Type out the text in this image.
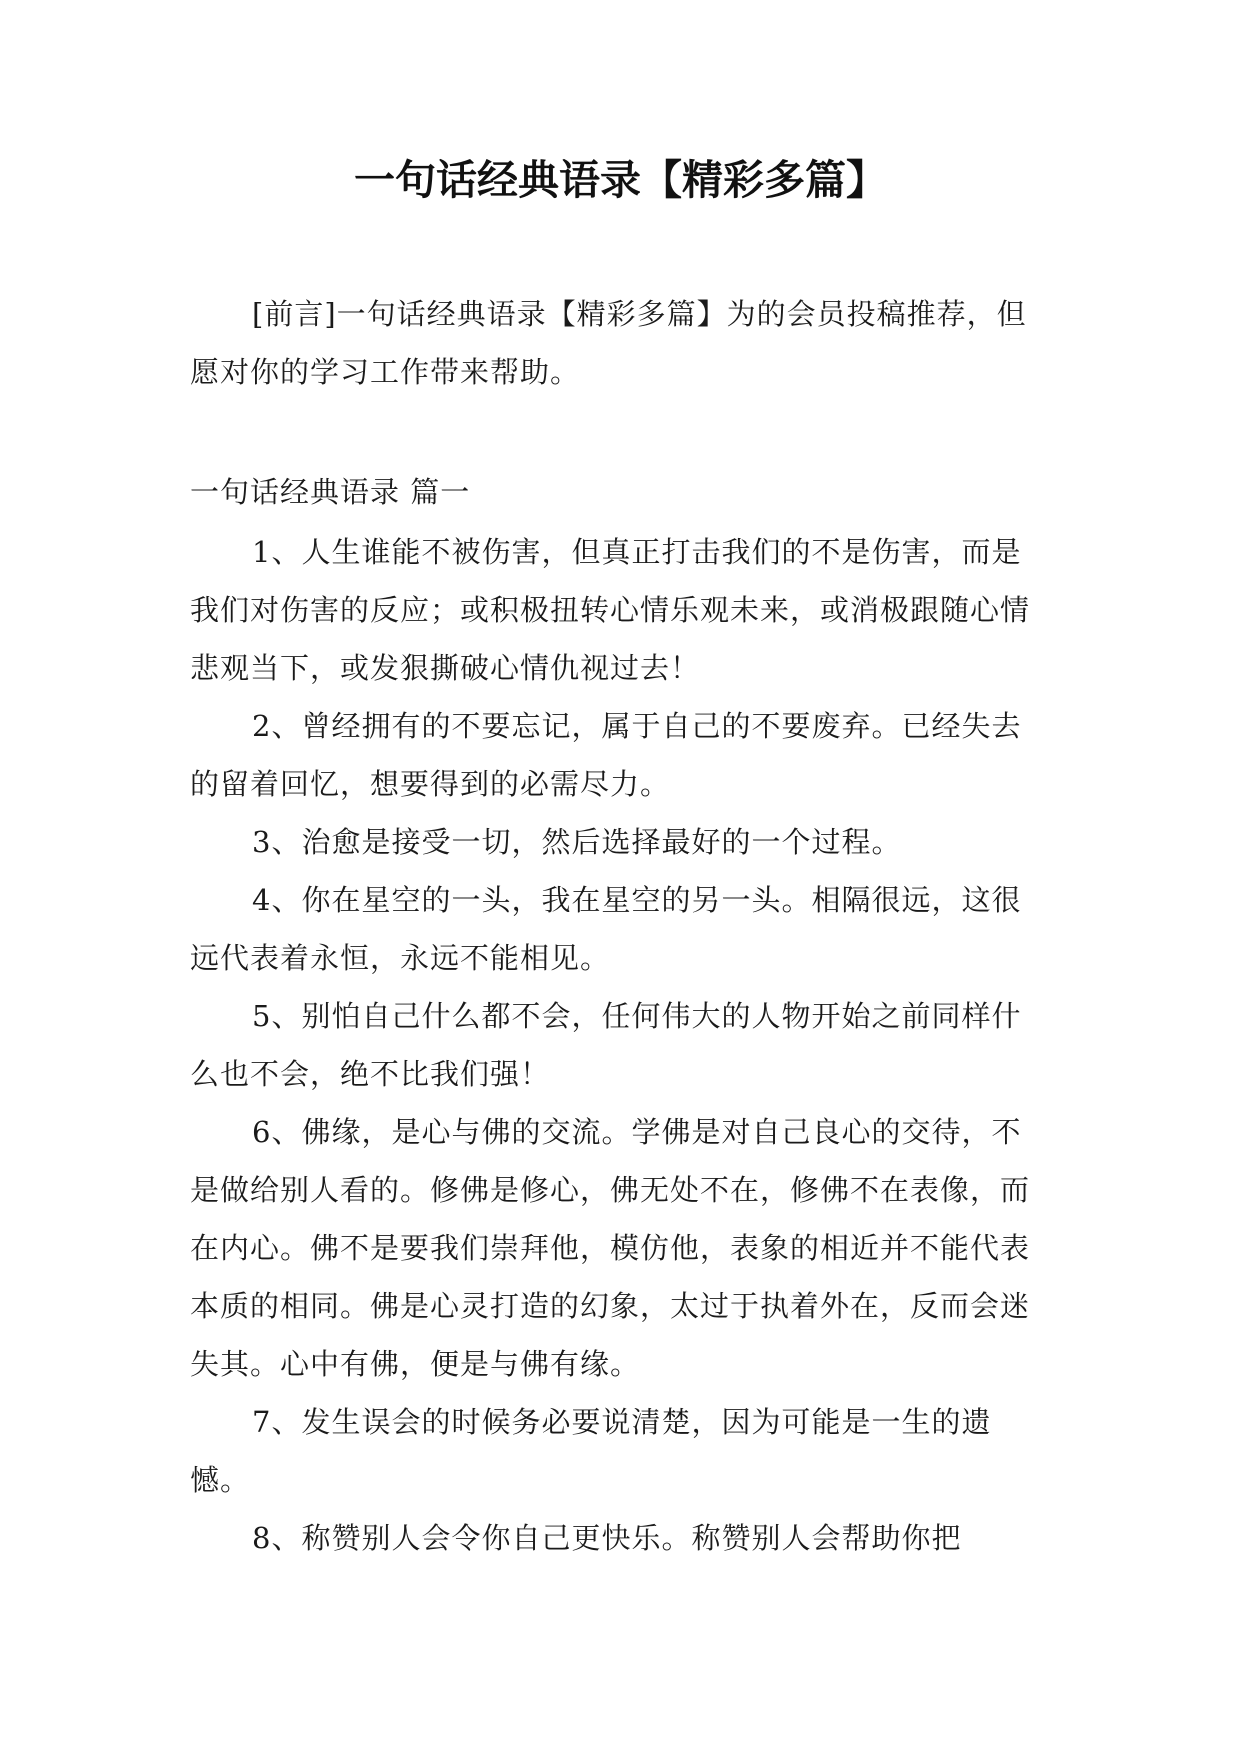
一句话经典语录【精彩多篇】

[前言]一句话经典语录【精彩多篇】为的会员投稿推荐，但愿对你的学习工作带来帮助。

一句话经典语录 篇一

1、人生谁能不被伤害，但真正打击我们的不是伤害，而是我们对伤害的反应；或积极扭转心情乐观未来，或消极跟随心情悲观当下，或发狠撕破心情仇视过去！

2、曾经拥有的不要忘记，属于自己的不要废弃。已经失去的留着回忆，想要得到的必需尽力。

3、治愈是接受一切，然后选择最好的一个过程。

4、你在星空的一头，我在星空的另一头。相隔很远，这很远代表着永恒，永远不能相见。

5、别怕自己什么都不会，任何伟大的人物开始之前同样什么也不会，绝不比我们强！

6、佛缘，是心与佛的交流。学佛是对自己良心的交待，不是做给别人看的。修佛是修心，佛无处不在，修佛不在表像，而在内心。佛不是要我们崇拜他，模仿他，表象的相近并不能代表本质的相同。佛是心灵打造的幻象，太过于执着外在，反而会迷失其。心中有佛，便是与佛有缘。

7、发生误会的时候务必要说清楚，因为可能是一生的遗憾。

8、称赞别人会令你自己更快乐。称赞别人会帮助你把
